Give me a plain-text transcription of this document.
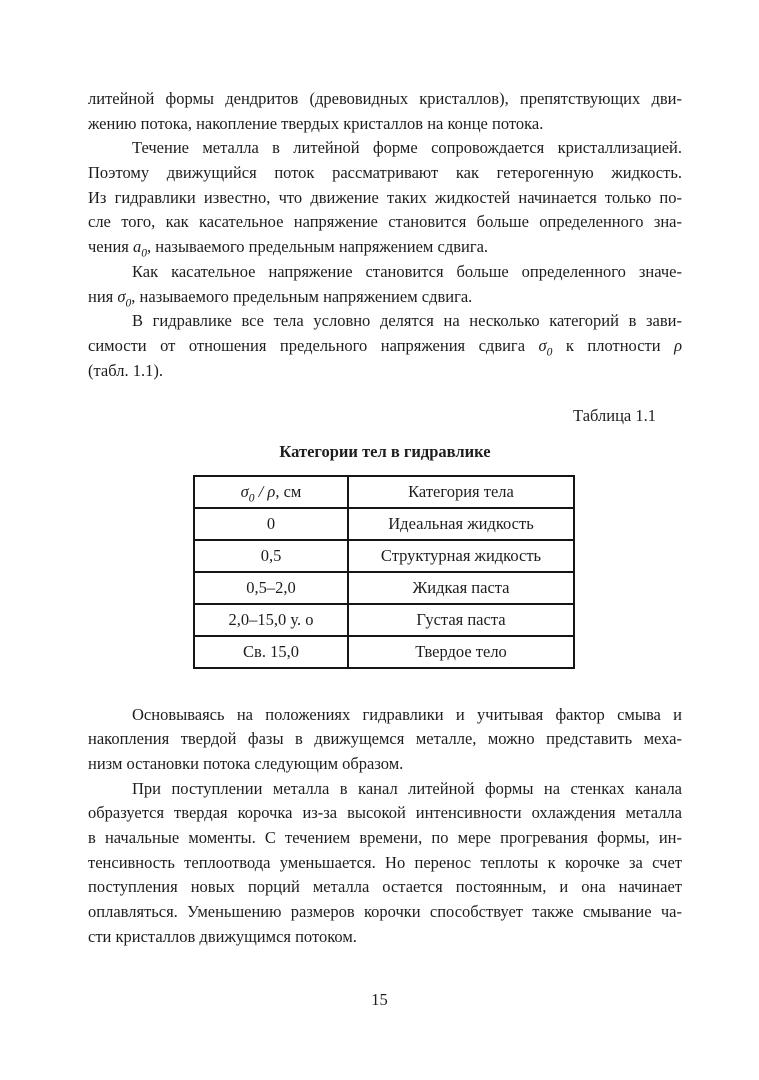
литейной формы дендритов (древовидных кристаллов), препятствующих дви-
жению потока, накопление твердых кристаллов на конце потока.
Течение металла в литейной форме сопровождается кристаллизацией.
Поэтому движущийся поток рассматривают как гетерогенную жидкость.
Из гидравлики известно, что движение таких жидкостей начинается только по-
сле того, как касательное напряжение становится больше определенного зна-
чения $a_0$, называемого предельным напряжением сдвига.
Как касательное напряжение становится больше определенного значе-
ния $\sigma_0$, называемого предельным напряжением сдвига.
В гидравлике все тела условно делятся на несколько категорий в зави-
симости от отношения предельного напряжения сдвига $\sigma_0$ к плотности ρ
(табл. 1.1).
Таблица 1.1
Категории тел в гидравлике
$\sigma_0$ / ρ, см	Категория тела
0	Идеальная жидкость
0,5	Структурная жидкость
0,5–2,0	Жидкая паста
2,0–15,0 у. о	Густая паста
Св. 15,0	Твердое тело
Основываясь на положениях гидравлики и учитывая фактор смыва и
накопления твердой фазы в движущемся металле, можно представить меха-
низм остановки потока следующим образом.
При поступлении металла в канал литейной формы на стенках канала
образуется твердая корочка из-за высокой интенсивности охлаждения металла
в начальные моменты. С течением времени, по мере прогревания формы, ин-
тенсивность теплоотвода уменьшается. Но перенос теплоты к корочке за счет
поступления новых порций металла остается постоянным, и она начинает
оплавляться. Уменьшению размеров корочки способствует также смывание ча-
сти кристаллов движущимся потоком.
15
